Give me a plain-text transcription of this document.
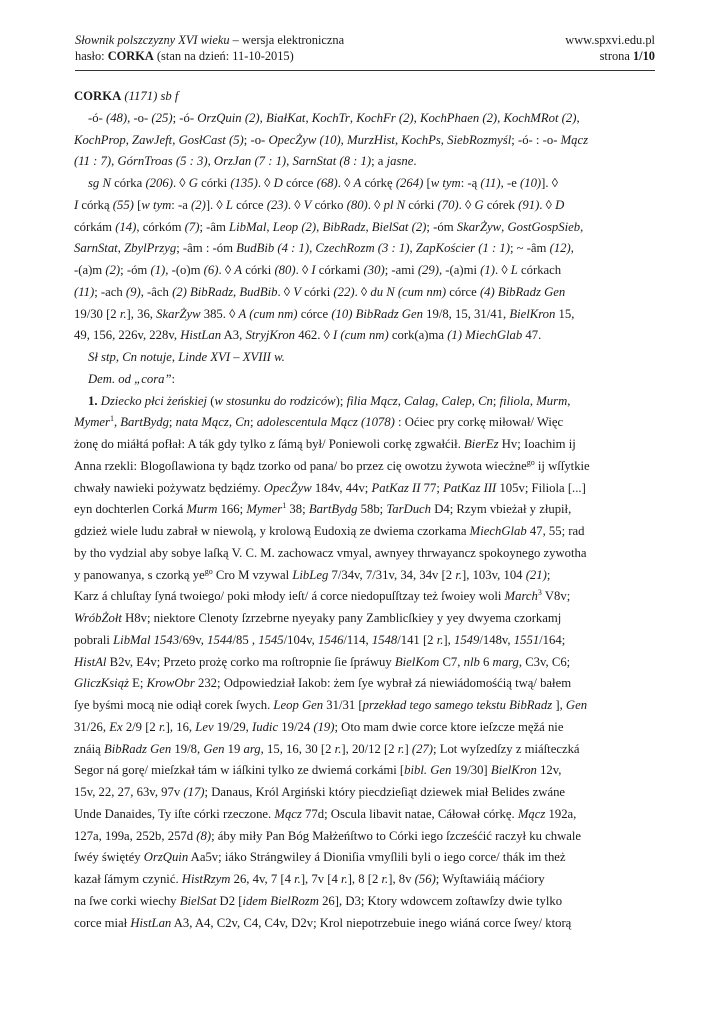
Słownik polszczyzny XVI wieku – wersja elektroniczna	www.spxvi.edu.pl
hasło: CORKA (stan na dzień: 11-10-2015)	strona 1/10

CORKA (1171) sb f

-ó- (48), -o- (25); -ó- OrzQuin (2), BiałKat, KochTr, KochFr (2), KochPhaen (2), KochMRot (2),

KochProp, ZawJeft, GosłCast (5); -o- OpecŻyw (10), MurzHist, KochPs, SiebRozmyśl; -ó- : -o- Mącz

(11 : 7), GórnTroas (5 : 3), OrzJan (7 : 1), SarnStat (8 : 1); a jasne.

sg N córka (206). ◊ G córki (135). ◊ D córce (68). ◊ A córkę (264) [w tym: -ą (11), -e (10)]. ◊

I córką (55) [w tym: -a (2)]. ◊ L córce (23). ◊ V córko (80). ◊ pl N córki (70). ◊ G córek (91). ◊ D

córkám (14), córkóm (7); -âm LibMal, Leop (2), BibRadz, BielSat (2); -óm SkarŻyw, GostGospSieb,

SarnStat, ZbylPrzyg; -âm : -óm BudBib (4 : 1), CzechRozm (3 : 1), ZapKościer (1 : 1); ~ -âm (12),

-(a)m (2); -óm (1), -(o)m (6). ◊ A córki (80). ◊ I córkami (30); -ami (29), -(a)mi (1). ◊ L córkach

(11); -ach (9), -âch (2) BibRadz, BudBib. ◊ V córki (22). ◊ du N (cum nm) córce (4) BibRadz Gen

19/30 [2 r.], 36, SkarŻyw 385. ◊ A (cum nm) córce (10) BibRadz Gen 19/8, 15, 31/41, BielKron 15,

49, 156, 226v, 228v, HistLan A3, StryjKron 462. ◊ I (cum nm) cork(a)ma (1) MiechGlab 47.

Sł stp, Cn notuje, Linde XVI – XVIII w.

Dem. od „cora”:

1. Dziecko płci żeńskiej (w stosunku do rodziców); filia Mącz, Calag, Calep, Cn; filiola, Murm,

Mymer$^1$, BartBydg; nata Mącz, Cn; adolescentula Mącz (1078) : Oćiec pry corkę miłował/ Więc

żonę do miáłtá pofłał: A ták gdy tylko z ſámą był/ Poniewoli corkę zgwałćił. BierEz Hv; Ioachim ij

Anna rzekli: Blogoſlawiona ty bądz tzorko od pana/ bo przez cię owotzu żywota wiecżne$^{go}$ ij wſſytkie

chwały nawieki pożywatz będziémy. OpecŻyw 184v, 44v; PatKaz II 77; PatKaz III 105v; Filiola [...]

eyn dochterlen Corká Murm 166; Mymer$^1$ 38; BartBydg 58b; TarDuch D4; Rzym vbieżał y złupił,

gdzież wiele ludu zabrał w niewolą, y krolową Eudoxią ze dwiema czorkama MiechGlab 47, 55; rad

by tho vydzial aby sobye laſką V. C. M. zachowacz vmyal, awnyey thrwayancz spokoynego zywotha

y panowanya, s czorką $ye^{go}$ Cro M vzywal LibLeg 7/34v, 7/31v, 34, 34v [2 r.], 103v, 104 (21);

Karz á chluſtay ſyná twoiego/ poki młody ieſt/ á corce niedopuſſtzay też ſwoiey woli March$^3$ V8v;

WróbŻołt H8v; niektore Clenoty ſzrzebrne nyeyaky pany Zamblicſkiey y yey dwyema czorkamj

pobrali LibMal 1543/69v, 1544/85 , 1545/104v, 1546/114, 1548/141 [2 r.], 1549/148v, 1551/164;

HistAl B2v, E4v; Przeto prożę corko ma roſtropnie ſie ſpráwuy BielKom C7, nlb 6 marg, C3v, C6;

GliczKsiąż E; KrowObr 232; Odpowiedział Iakob: żem ſye wybrał zá niewiádomośćią twą/ bałem

ſye byśmi mocą nie odiął corek ſwych. Leop Gen 31/31 [przekład tego samego tekstu BibRadz ], Gen

31/26, Ex 2/9 [2 r.], 16, Lev 19/29, Iudic 19/24 (19); Oto mam dwie corce ktore ieſzcze męžá nie

znáią BibRadz Gen 19/8, Gen 19 arg, 15, 16, 30 [2 r.], 20/12 [2 r.] (27); Lot wyſzedſzy z miáſteczká

Segor ná gorę/ mieſzkał tám w iáſkini tylko ze dwiemá corkámi [bibl. Gen 19/30] BielKron 12v,

15v, 22, 27, 63v, 97v (17); Danaus, Król Argiński który piecdzieſiąt dziewek miał Belides zwáne

Unde Danaides, Ty iſte córki rzeczone. Mącz 77d; Oscula libavit natae, Cáłował córkę. Mącz 192a,

127a, 199a, 252b, 257d (8); áby miły Pan Bóg Małżeńſtwo to Córki iego ſzcześćić raczył ku chwale

ſwéy świętéy OrzQuin Aa5v; iáko Strángwiley á Dioniſia vmyſlili byli o iego corce/ thák im theż

kazał ſámym czynić. HistRzym 26, 4v, 7 [4 r.], 7v [4 r.], 8 [2 r.], 8v (56); Wyſtawiáią máćiory

na ſwe corki wiechy BielSat D2 [idem BielRozm 26], D3; Ktory wdowcem zoſtawſzy dwie tylko

corce miał HistLan A3, A4, C2v, C4, C4v, D2v; Krol niepotrzebuie inego wiáná corce ſwey/ ktorą
